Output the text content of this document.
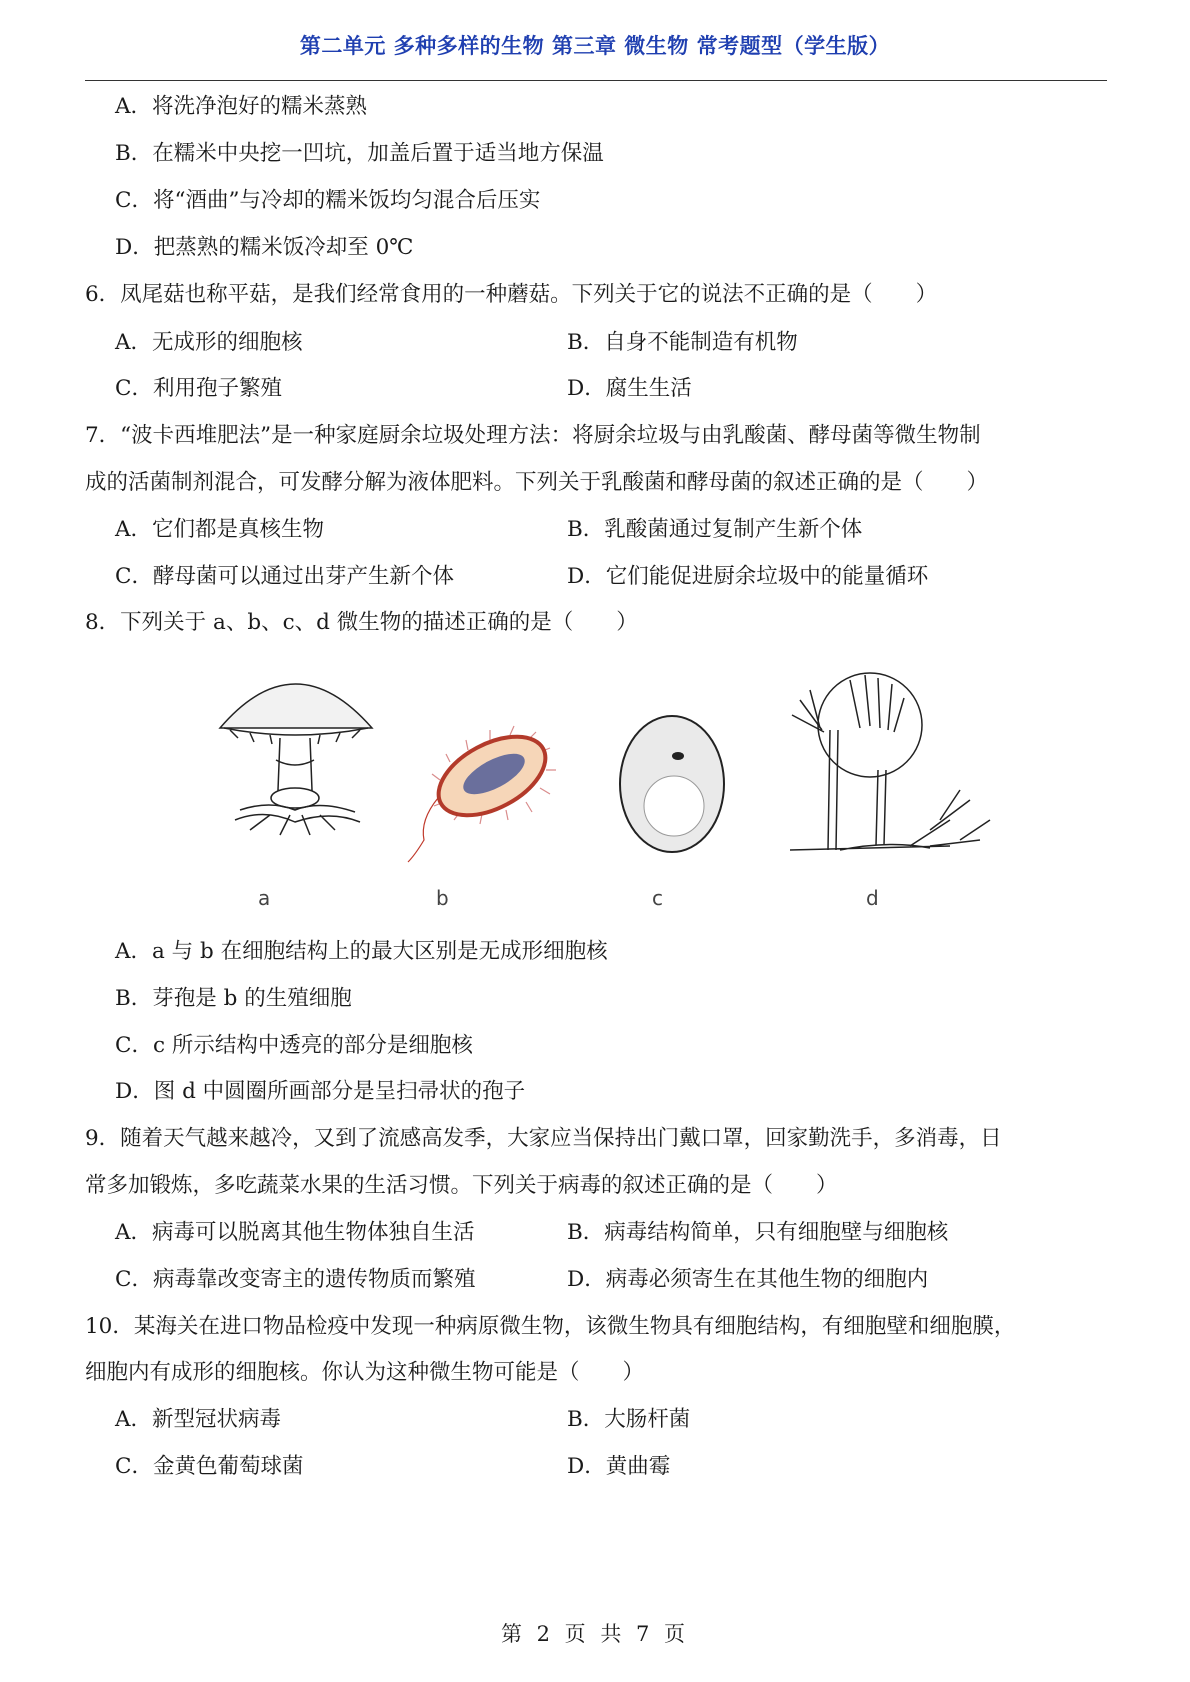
第二单元 多种多样的生物 第三章 微生物 常考题型（学生版）
A．将洗净泡好的糯米蒸熟
B．在糯米中央挖一凹坑，加盖后置于适当地方保温
C．将“酒曲”与冷却的糯米饭均匀混合后压实
D．把蒸熟的糯米饭冷却至 0℃
6．凤尾菇也称平菇，是我们经常食用的一种蘑菇。下列关于它的说法不正确的是（　　）
A．无成形的细胞核	B．自身不能制造有机物
C．利用孢子繁殖	D．腐生生活
7．“波卡西堆肥法”是一种家庭厨余垃圾处理方法：将厨余垃圾与由乳酸菌、酵母菌等微生物制
成的活菌制剂混合，可发酵分解为液体肥料。下列关于乳酸菌和酵母菌的叙述正确的是（　　）
A．它们都是真核生物	B．乳酸菌通过复制产生新个体
C．酵母菌可以通过出芽产生新个体	D．它们能促进厨余垃圾中的能量循环
8．下列关于 a、b、c、d 微生物的描述正确的是（　　）
a	b	c	d
A．a 与 b 在细胞结构上的最大区别是无成形细胞核
B．芽孢是 b 的生殖细胞
C．c 所示结构中透亮的部分是细胞核
D．图 d 中圆圈所画部分是呈扫帚状的孢子
9．随着天气越来越冷，又到了流感高发季，大家应当保持出门戴口罩，回家勤洗手，多消毒，日
常多加锻炼，多吃蔬菜水果的生活习惯。下列关于病毒的叙述正确的是（　　）
A．病毒可以脱离其他生物体独自生活	B．病毒结构简单，只有细胞壁与细胞核
C．病毒靠改变寄主的遗传物质而繁殖	D．病毒必须寄生在其他生物的细胞内
10．某海关在进口物品检疫中发现一种病原微生物，该微生物具有细胞结构，有细胞壁和细胞膜，
细胞内有成形的细胞核。你认为这种微生物可能是（　　）
A．新型冠状病毒	B．大肠杆菌
C．金黄色葡萄球菌	D．黄曲霉
第 2 页 共 7 页
